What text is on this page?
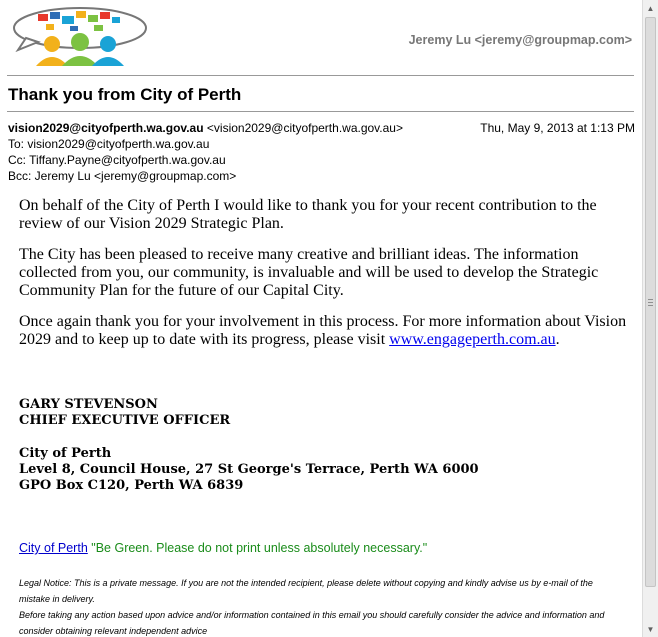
Jeremy Lu <jeremy@groupmap.com>
Thank you from City of Perth
vision2029@cityofperth.wa.gov.au <vision2029@cityofperth.wa.gov.au>	Thu, May 9, 2013 at 1:13 PM
To: vision2029@cityofperth.wa.gov.au
Cc: Tiffany.Payne@cityofperth.wa.gov.au
Bcc: Jeremy Lu <jeremy@groupmap.com>
On behalf of the City of Perth I would like to thank you for your recent contribution to the review of our Vision 2029 Strategic Plan.
The City has been pleased to receive many creative and brilliant ideas. The information collected from you, our community, is invaluable and will be used to develop the Strategic Community Plan for the future of our Capital City.
Once again thank you for your involvement in this process. For more information about Vision 2029 and to keep up to date with its progress, please visit www.engageperth.com.au.
GARY STEVENSON
CHIEF EXECUTIVE OFFICER
City of Perth
Level 8, Council House, 27 St George's Terrace, Perth WA 6000
GPO Box C120, Perth WA 6839
City of Perth "Be Green. Please do not print unless absolutely necessary."
Legal Notice: This is a private message. If you are not the intended recipient, please delete without copying and kindly advise us by e-mail of the mistake in delivery.
Before taking any action based upon advice and/or information contained in this email you should carefully consider the advice and information and consider obtaining relevant independent advice
▲
▼
